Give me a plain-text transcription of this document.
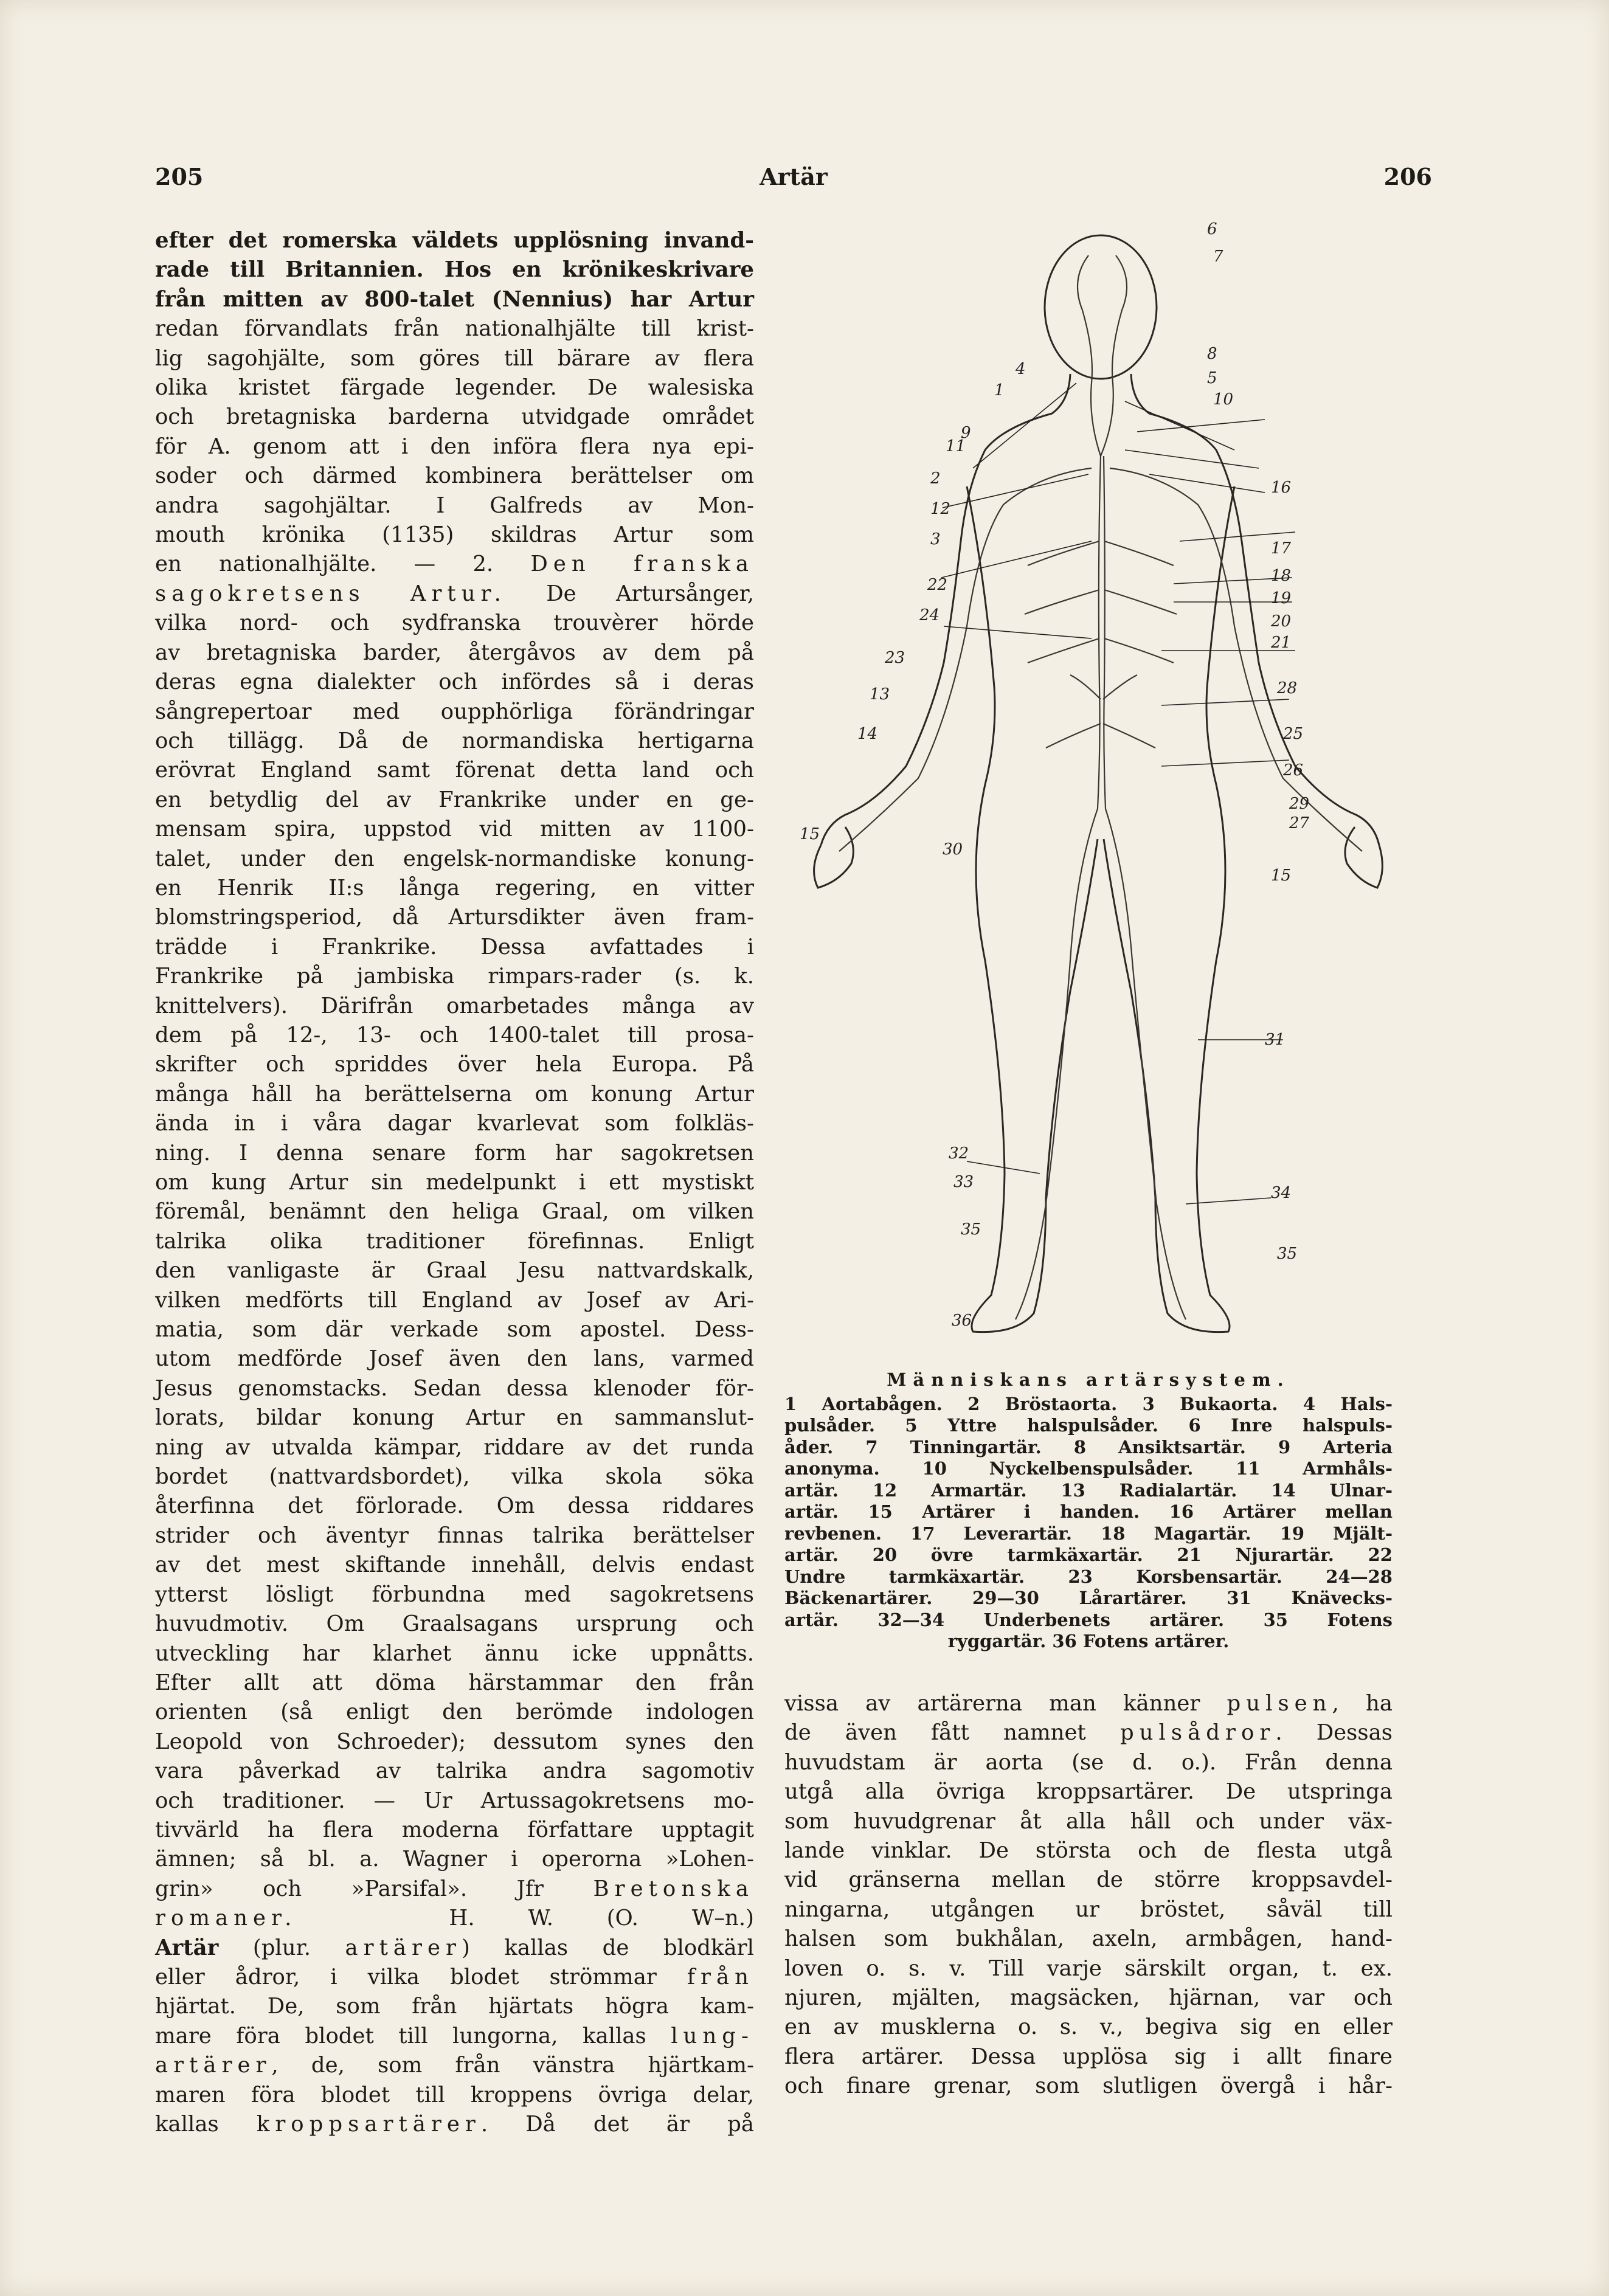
205	Artär	206
efter det romerska väldets upplösning invand-
rade till Britannien. Hos en krönikeskrivare
från mitten av 800-talet (Nennius) har Artur
redan förvandlats från nationalhjälte till krist-
lig sagohjälte, som göres till bärare av flera
olika kristet färgade legender. De walesiska
och bretagniska barderna utvidgade området
för A. genom att i den införa flera nya epi-
soder och därmed kombinera berättelser om
andra sagohjältar. I Galfreds av Mon-
mouth krönika (1135) skildras Artur som
en nationalhjälte. — 2. Den franska
sagokretsens Artur. De Artursånger,
vilka nord- och sydfranska trouvèrer hörde
av bretagniska barder, återgåvos av dem på
deras egna dialekter och infördes så i deras
sångrepertoar med oupphörliga förändringar
och tillägg. Då de normandiska hertigarna
erövrat England samt förenat detta land och
en betydlig del av Frankrike under en ge-
mensam spira, uppstod vid mitten av 1100-
talet, under den engelsk-normandiske konung-
en Henrik II:s långa regering, en vitter
blomstringsperiod, då Artursdikter även fram-
trädde i Frankrike. Dessa avfattades i
Frankrike på jambiska rimpars-rader (s. k.
knittelvers). Därifrån omarbetades många av
dem på 12-, 13- och 1400-talet till prosa-
skrifter och spriddes över hela Europa. På
många håll ha berättelserna om konung Artur
ända in i våra dagar kvarlevat som folkläs-
ning. I denna senare form har sagokretsen
om kung Artur sin medelpunkt i ett mystiskt
föremål, benämnt den heliga Graal, om vilken
talrika olika traditioner förefinnas. Enligt
den vanligaste är Graal Jesu nattvardskalk,
vilken medförts till England av Josef av Ari-
matia, som där verkade som apostel. Dess-
utom medförde Josef även den lans, varmed
Jesus genomstacks. Sedan dessa klenoder för-
lorats, bildar konung Artur en sammanslut-
ning av utvalda kämpar, riddare av det runda
bordet (nattvardsbordet), vilka skola söka
återfinna det förlorade. Om dessa riddares
strider och äventyr finnas talrika berättelser
av det mest skiftande innehåll, delvis endast
ytterst lösligt förbundna med sagokretsens
huvudmotiv. Om Graalsagans ursprung och
utveckling har klarhet ännu icke uppnåtts.
Efter allt att döma härstammar den från
orienten (så enligt den berömde indologen
Leopold von Schroeder); dessutom synes den
vara påverkad av talrika andra sagomotiv
och traditioner. — Ur Artussagokretsens mo-
tivvärld ha flera moderna författare upptagit
ämnen; så bl. a. Wagner i operorna »Lohen-
grin» och »Parsifal». Jfr Bretonska
romaner.	H. W. (O. W–n.)
Artär (plur. artärer) kallas de blodkärl
eller ådror, i vilka blodet strömmar från
hjärtat. De, som från hjärtats högra kam-
mare föra blodet till lungorna, kallas lung-
artärer, de, som från vänstra hjärtkam-
maren föra blodet till kroppens övriga delar,
kallas kroppsartärer. Då det är på
6
7
8
4
1
5
10
9
11
2
12
3
16
17
18
19
20
21
22
24
23
13
14
15
28
25
26
29
27
15
30
31
32
33
34
35
35
36
Människans artärsystem.
1 Aortabågen. 2 Bröstaorta. 3 Bukaorta. 4 Hals-
pulsåder. 5 Yttre halspulsåder. 6 Inre halspuls-
åder. 7 Tinningartär. 8 Ansiktsartär. 9 Arteria
anonyma. 10 Nyckelbenspulsåder. 11 Armhåls-
artär. 12 Armartär. 13 Radialartär. 14 Ulnar-
artär. 15 Artärer i handen. 16 Artärer mellan
revbenen. 17 Leverartär. 18 Magartär. 19 Mjält-
artär. 20 övre tarmkäxartär. 21 Njurartär. 22
Undre tarmkäxartär. 23 Korsbensartär. 24—28
Bäckenartärer. 29—30 Lårartärer. 31 Knävecks-
artär. 32—34 Underbenets artärer. 35 Fotens
ryggartär. 36 Fotens artärer.
vissa av artärerna man känner pulsen, ha
de även fått namnet pulsådror. Dessas
huvudstam är aorta (se d. o.). Från denna
utgå alla övriga kroppsartärer. De utspringa
som huvudgrenar åt alla håll och under väx-
lande vinklar. De största och de flesta utgå
vid gränserna mellan de större kroppsavdel-
ningarna, utgången ur bröstet, såväl till
halsen som bukhålan, axeln, armbågen, hand-
loven o. s. v. Till varje särskilt organ, t. ex.
njuren, mjälten, magsäcken, hjärnan, var och
en av musklerna o. s. v., begiva sig en eller
flera artärer. Dessa upplösa sig i allt finare
och finare grenar, som slutligen övergå i hår-
